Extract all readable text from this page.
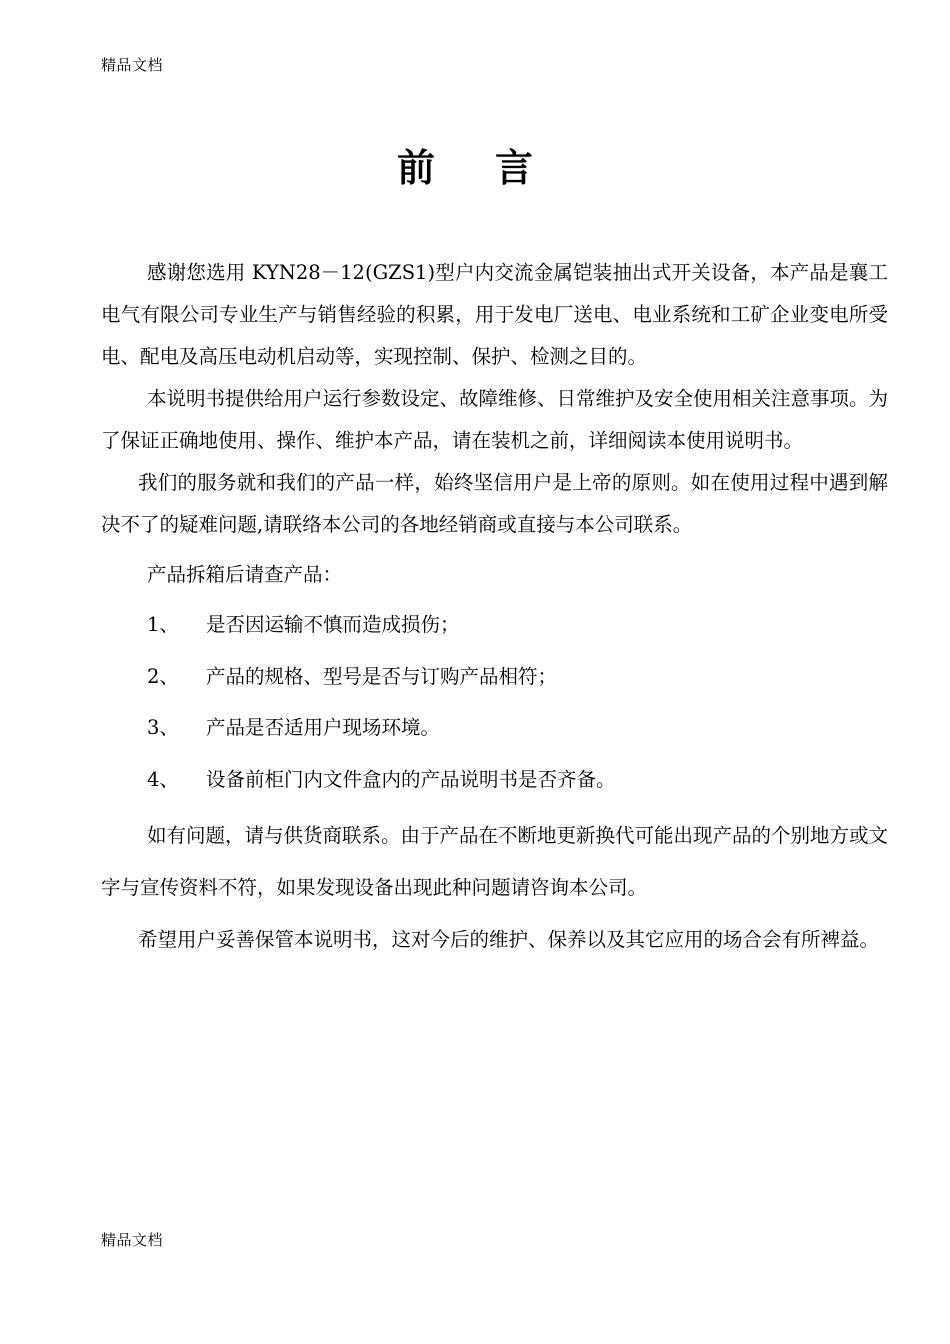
精品文档
前言

感谢您选用 KYN28－12(GZS1)型户内交流金属铠装抽出式开关设备，本产品是襄工电气有限公司专业生产与销售经验的积累，用于发电厂送电、电业系统和工矿企业变电所受电、配电及高压电动机启动等，实现控制、保护、检测之目的。

本说明书提供给用户运行参数设定、故障维修、日常维护及安全使用相关注意事项。为了保证正确地使用、操作、维护本产品，请在装机之前，详细阅读本使用说明书。

我们的服务就和我们的产品一样，始终坚信用户是上帝的原则。如在使用过程中遇到解决不了的疑难问题,请联络本公司的各地经销商或直接与本公司联系。

产品拆箱后请查产品：

1、	是否因运输不慎而造成损伤；
2、	产品的规格、型号是否与订购产品相符；
3、	产品是否适用户现场环境。
4、	设备前柜门内文件盒内的产品说明书是否齐备。

如有问题，请与供货商联系。由于产品在不断地更新换代可能出现产品的个别地方或文字与宣传资料不符，如果发现设备出现此种问题请咨询本公司。

希望用户妥善保管本说明书，这对今后的维护、保养以及其它应用的场合会有所裨益。

精品文档
